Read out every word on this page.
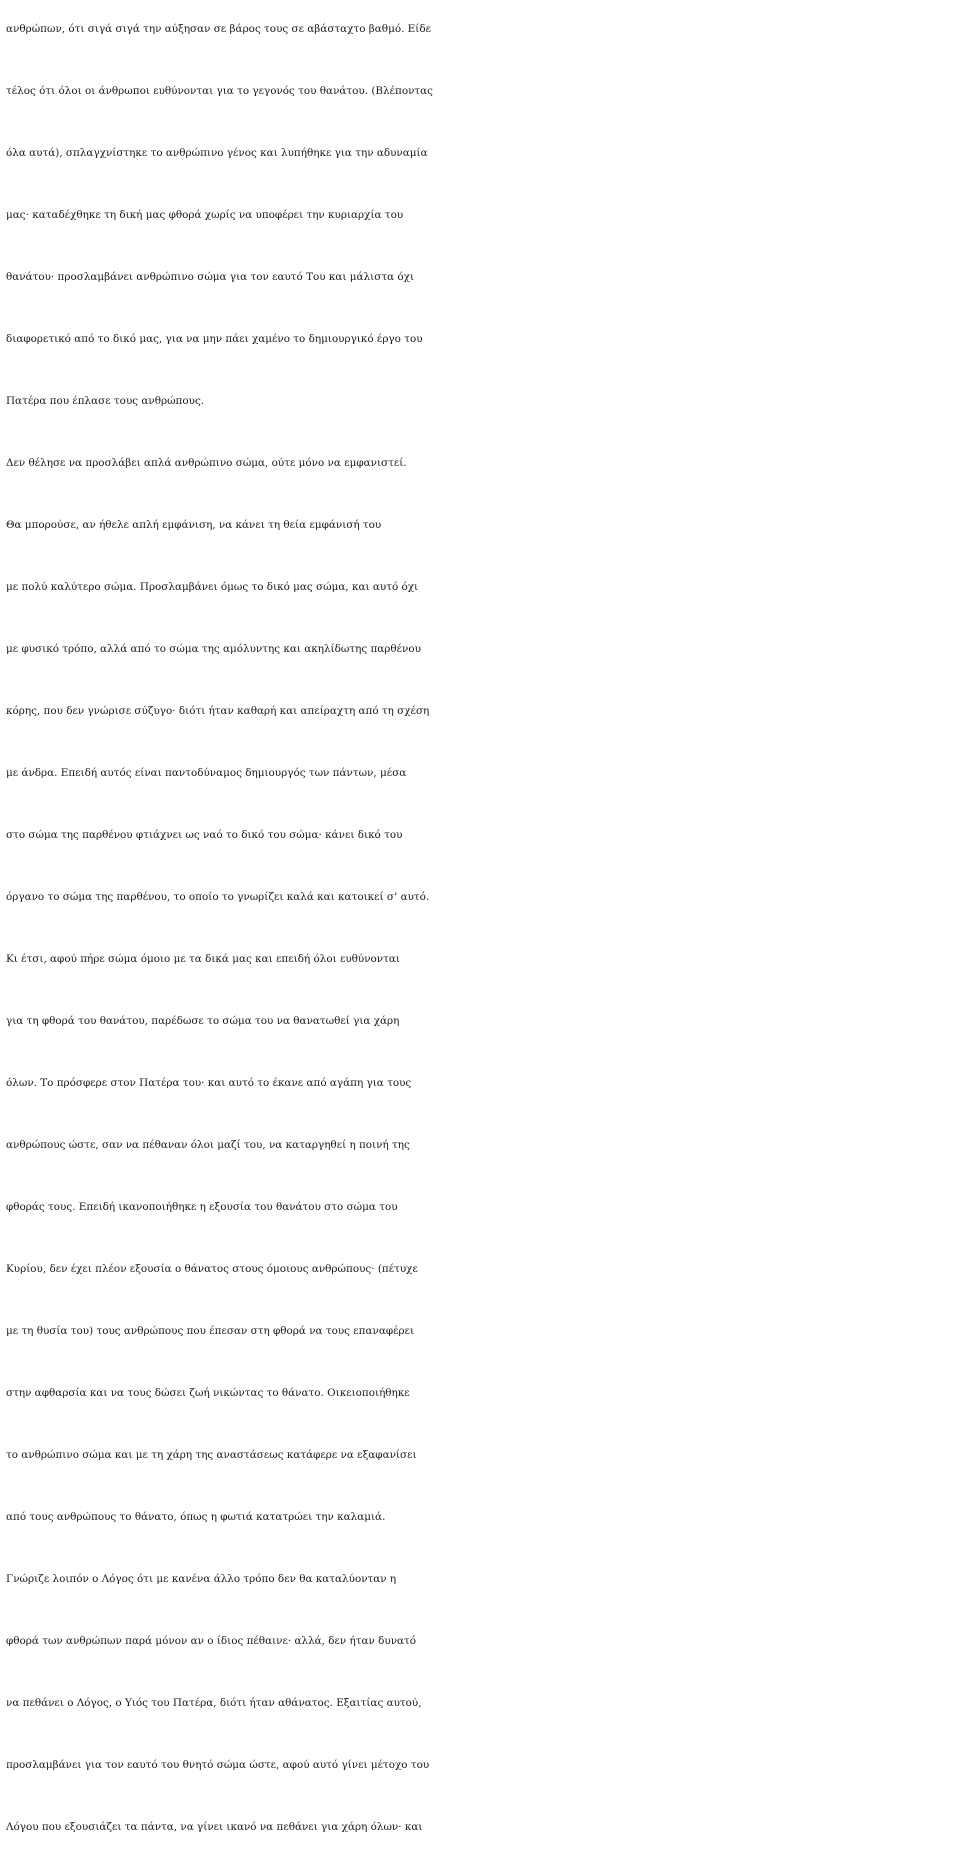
ανθρώπων, ότι σιγά σιγά την αύξησαν σε βάρος τους σε αβάσταχτο βαθμό. Είδε
τέλος ότι όλοι οι άνθρωποι ευθύνονται για το γεγονός του θανάτου. (Βλέποντας
όλα αυτά), σπλαγχνίστηκε το ανθρώπινο γένος και λυπήθηκε για την αδυναμία
μας· καταδέχθηκε τη δική μας φθορά χωρίς να υποφέρει την κυριαρχία του
θανάτου· προσλαμβάνει ανθρώπινο σώμα για τον εαυτό Του και μάλιστα όχι
διαφορετικό από το δικό μας, για να μην πάει χαμένο το δημιουργικό έργο του
Πατέρα που έπλασε τους ανθρώπους.
Δεν θέλησε να προσλάβει απλά ανθρώπινο σώμα, ούτε μόνο να εμφανιστεί.
Θα μπορούσε, αν ήθελε απλή εμφάνιση, να κάνει τη θεία εμφάνισή του
με πολύ καλύτερο σώμα. Προσλαμβάνει όμως το δικό μας σώμα, και αυτό όχι
με φυσικό τρόπο, αλλά από το σώμα της αμόλυντης και ακηλίδωτης παρθένου
κόρης, που δεν γνώρισε σύζυγο· διότι ήταν καθαρή και απείραχτη από τη σχέση
με άνδρα. Επειδή αυτός είναι παντοδύναμος δημιουργός των πάντων, μέσα
στο σώμα της παρθένου φτιάχνει ως ναό το δικό του σώμα· κάνει δικό του
όργανο το σώμα της παρθένου, το οποίο το γνωρίζει καλά και κατοικεί σ’ αυτό.
Κι έτσι, αφού πήρε σώμα όμοιο με τα δικά μας και επειδή όλοι ευθύνονται
για τη φθορά του θανάτου, παρέδωσε το σώμα του να θανατωθεί για χάρη
όλων. Το πρόσφερε στον Πατέρα του· και αυτό το έκανε από αγάπη για τους
ανθρώπους ώστε, σαν να πέθαναν όλοι μαζί του, να καταργηθεί η ποινή της
φθοράς τους. Επειδή ικανοποιήθηκε η εξουσία του θανάτου στο σώμα του
Κυρίου, δεν έχει πλέον εξουσία ο θάνατος στους όμοιους ανθρώπους· (πέτυχε
με τη θυσία του) τους ανθρώπους που έπεσαν στη φθορά να τους επαναφέρει
στην αφθαρσία και να τους δώσει ζωή νικώντας το θάνατο. Οικειοποιήθηκε
το ανθρώπινο σώμα και με τη χάρη της αναστάσεως κατάφερε να εξαφανίσει
από τους ανθρώπους το θάνατο, όπως η φωτιά κατατρώει την καλαμιά.
Γνώριζε λοιπόν ο Λόγος ότι με κανένα άλλο τρόπο δεν θα καταλύονταν η
φθορά των ανθρώπων παρά μόνον αν ο ίδιος πέθαινε· αλλά, δεν ήταν δυνατό
να πεθάνει ο Λόγος, ο Υιός του Πατέρα, διότι ήταν αθάνατος. Εξαιτίας αυτού,
προσλαμβάνει για τον εαυτό του θνητό σώμα ώστε, αφού αυτό γίνει μέτοχο του
Λόγου που εξουσιάζει τα πάντα, να γίνει ικανό να πεθάνει για χάρη όλων· και
